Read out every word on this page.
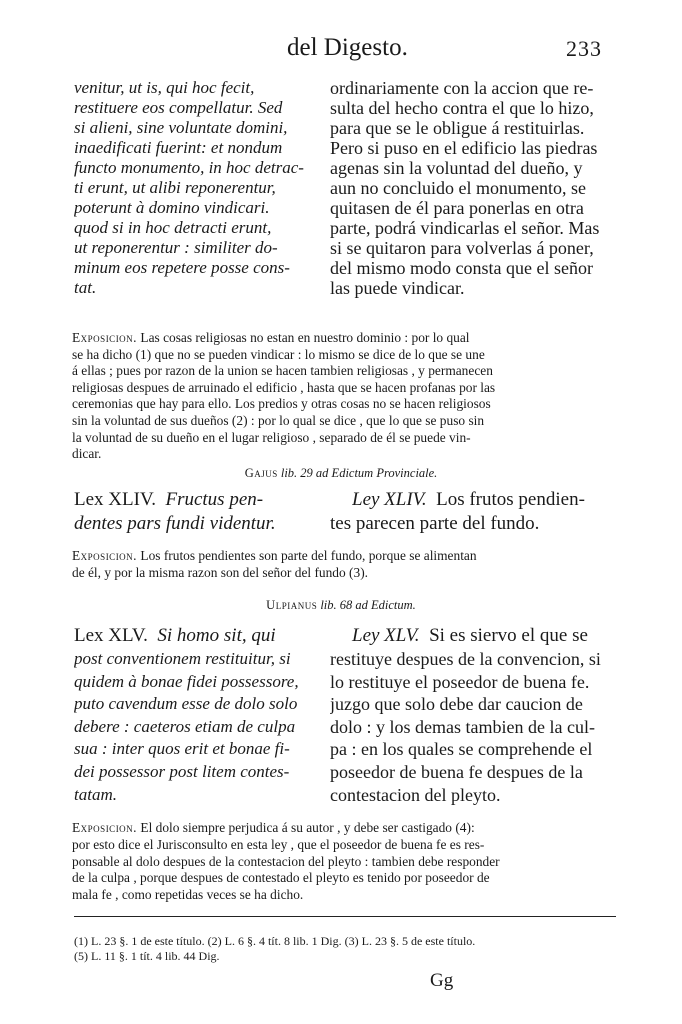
del Digesto.	233
venitur, ut is, qui hoc fecit,
restituere eos compellatur. Sed
si alieni, sine voluntate domini,
inaedificati fuerint: et nondum
functo monumento, in hoc detrac-
ti erunt, ut alibi reponerentur,
poterunt à domino vindicari.
quod si in hoc detracti erunt,
ut reponerentur : similiter do-
minum eos repetere posse cons-
tat.
ordinariamente con la accion que re-
sulta del hecho contra el que lo hizo,
para que se le obligue á restituirlas.
Pero si puso en el edificio las piedras
agenas sin la voluntad del dueño, y
aun no concluido el monumento, se
quitasen de él para ponerlas en otra
parte, podrá vindicarlas el señor. Mas
si se quitaron para volverlas á poner,
del mismo modo consta que el señor
las puede vindicar.
Exposicion. Las cosas religiosas no estan en nuestro dominio : por lo qual
se ha dicho (1) que no se pueden vindicar : lo mismo se dice de lo que se une
á ellas ; pues por razon de la union se hacen tambien religiosas , y permanecen
religiosas despues de arruinado el edificio , hasta que se hacen profanas por las
ceremonias que hay para ello. Los predios y otras cosas no se hacen religiosos
sin la voluntad de sus dueños (2) : por lo qual se dice , que lo que se puso sin
la voluntad de su dueño en el lugar religioso , separado de él se puede vin-
dicar.
Gajus lib. 29 ad Edictum Provinciale.
Lex XLIV. Fructus pen-
dentes pars fundi videntur.
Ley XLIV. Los frutos pendien-
tes parecen parte del fundo.
Exposicion. Los frutos pendientes son parte del fundo, porque se alimentan
de él, y por la misma razon son del señor del fundo (3).
Ulpianus lib. 68 ad Edictum.
Lex XLV. Si homo sit, qui
post conventionem restituitur, si
quidem à bonae fidei possessore,
puto cavendum esse de dolo solo
debere : caeteros etiam de culpa
sua : inter quos erit et bonae fi-
dei possessor post litem contes-
tatam.
Ley XLV. Si es siervo el que se
restituye despues de la convencion, si
lo restituye el poseedor de buena fe.
juzgo que solo debe dar caucion de
dolo : y los demas tambien de la cul-
pa : en los quales se comprehende el
poseedor de buena fe despues de la
contestacion del pleyto.
Exposicion. El dolo siempre perjudica á su autor , y debe ser castigado (4):
por esto dice el Jurisconsulto en esta ley , que el poseedor de buena fe es res-
ponsable al dolo despues de la contestacion del pleyto : tambien debe responder
de la culpa , porque despues de contestado el pleyto es tenido por poseedor de
mala fe , como repetidas veces se ha dicho.
(1) L. 23 §. 1 de este título. (2) L. 6 §. 4 tít. 8 lib. 1 Dig. (3) L. 23 §. 5 de este título.
(5) L. 11 §. 1 tít. 4 lib. 44 Dig.
Gg
